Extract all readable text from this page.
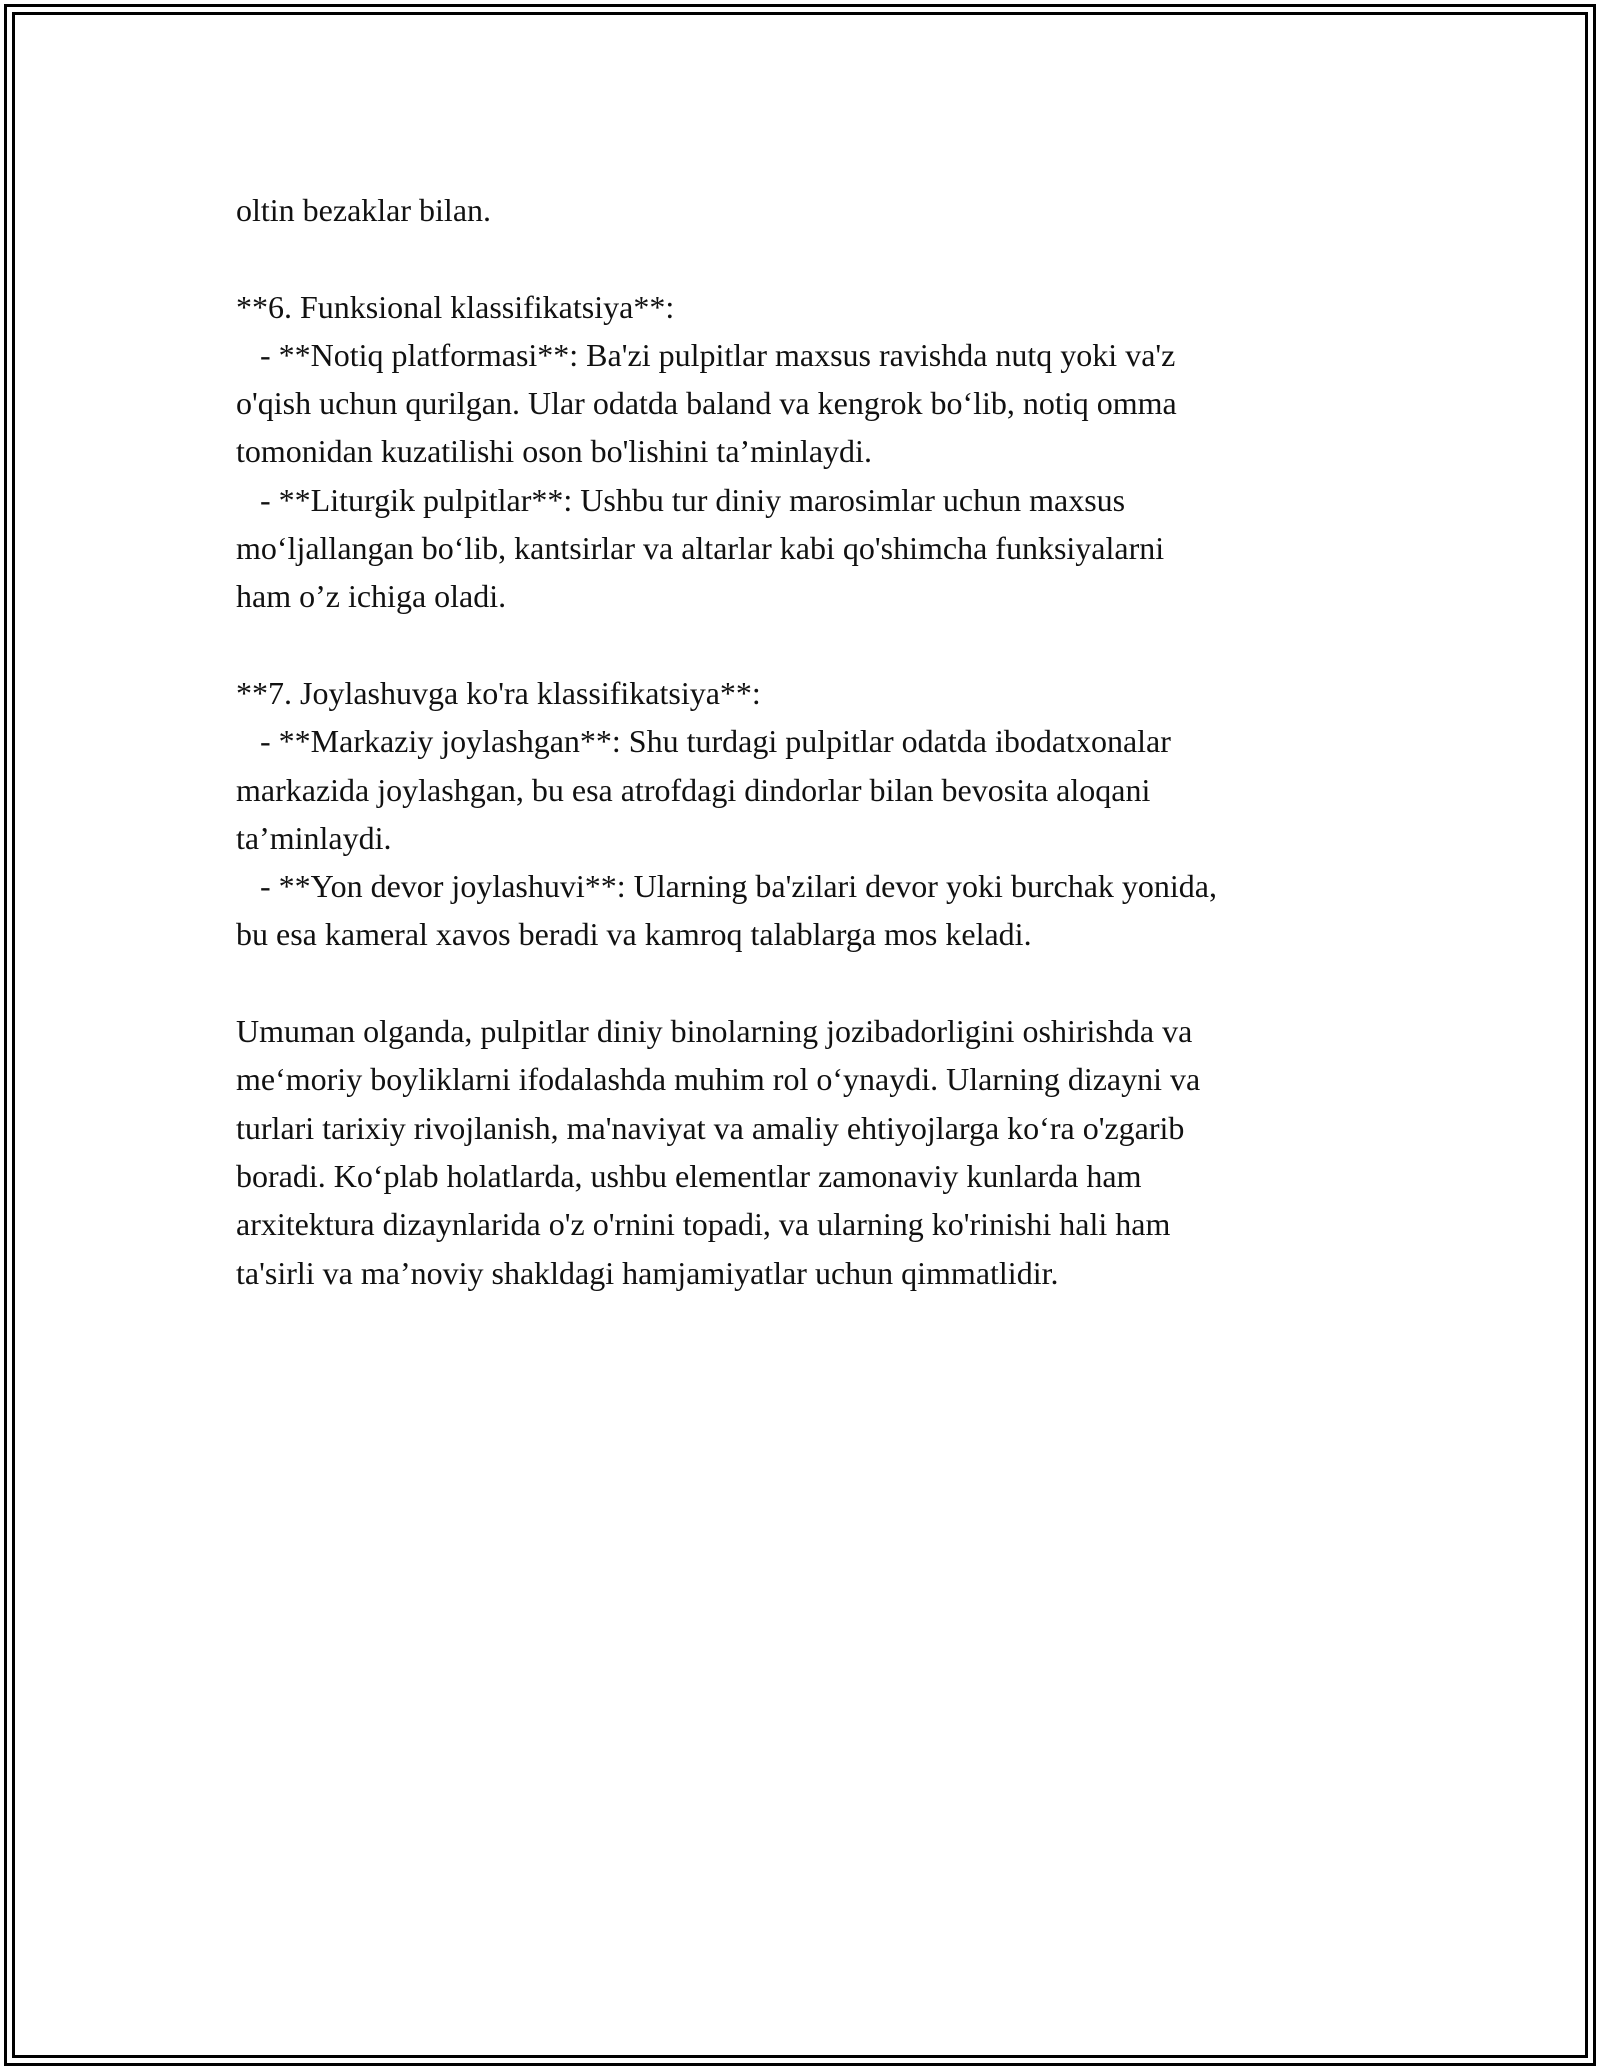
oltin bezaklar bilan.
**6. Funksional klassifikatsiya**:
- **Notiq platformasi**: Ba'zi pulpitlar maxsus ravishda nutq yoki va'z
o'qish uchun qurilgan. Ular odatda baland va kengrok bo‘lib, notiq omma
tomonidan kuzatilishi oson bo'lishini ta’minlaydi.
- **Liturgik pulpitlar**: Ushbu tur diniy marosimlar uchun maxsus
mo‘ljallangan bo‘lib, kantsirlar va altarlar kabi qo'shimcha funksiyalarni
ham o’z ichiga oladi.
**7. Joylashuvga ko'ra klassifikatsiya**:
- **Markaziy joylashgan**: Shu turdagi pulpitlar odatda ibodatxonalar
markazida joylashgan, bu esa atrofdagi dindorlar bilan bevosita aloqani
ta’minlaydi.
- **Yon devor joylashuvi**: Ularning ba'zilari devor yoki burchak yonida,
bu esa kameral xavos beradi va kamroq talablarga mos keladi.
Umuman olganda, pulpitlar diniy binolarning jozibadorligini oshirishda va
me‘moriy boyliklarni ifodalashda muhim rol o‘ynaydi. Ularning dizayni va
turlari tarixiy rivojlanish, ma'naviyat va amaliy ehtiyojlarga ko‘ra o'zgarib
boradi. Ko‘plab holatlarda, ushbu elementlar zamonaviy kunlarda ham
arxitektura dizaynlarida o'z o'rnini topadi, va ularning ko'rinishi hali ham
ta'sirli va ma’noviy shakldagi hamjamiyatlar uchun qimmatlidir.
